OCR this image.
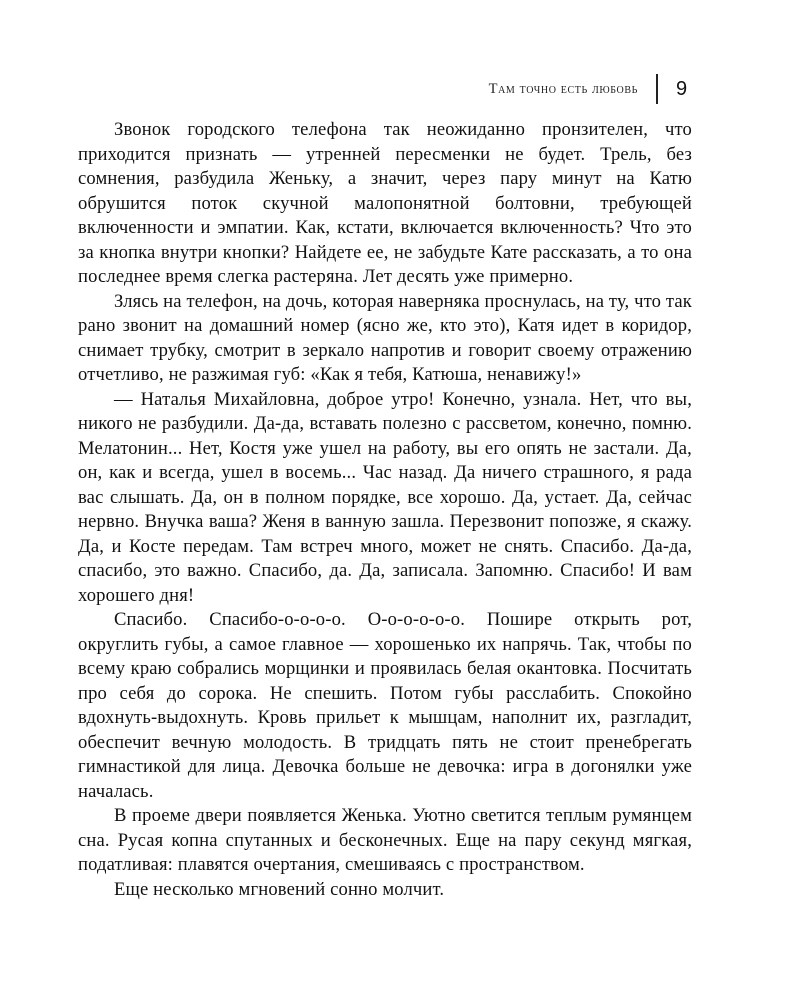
Там точно есть любовь 9

Звонок городского телефона так неожиданно пронзителен, что приходится признать — утренней пересменки не будет. Трель, без сомнения, разбудила Женьку, а значит, через пару минут на Катю обрушится поток скучной малопонятной болтовни, требующей включенности и эмпатии. Как, кстати, включается включенность? Что это за кнопка внутри кнопки? Найдете ее, не забудьте Кате рассказать, а то она последнее время слегка растеряна. Лет десять уже примерно.

Злясь на телефон, на дочь, которая наверняка проснулась, на ту, что так рано звонит на домашний номер (ясно же, кто это), Катя идет в коридор, снимает трубку, смотрит в зеркало напротив и говорит своему отражению отчетливо, не разжимая губ: «Как я тебя, Катюша, ненавижу!»

— Наталья Михайловна, доброе утро! Конечно, узнала. Нет, что вы, никого не разбудили. Да-да, вставать полезно с рассветом, конечно, помню. Мелатонин... Нет, Костя уже ушел на работу, вы его опять не застали. Да, он, как и всегда, ушел в восемь... Час назад. Да ничего страшного, я рада вас слышать. Да, он в полном порядке, все хорошо. Да, устает. Да, сейчас нервно. Внучка ваша? Женя в ванную зашла. Перезвонит попозже, я скажу. Да, и Косте передам. Там встреч много, может не снять. Спасибо. Да-да, спасибо, это важно. Спасибо, да. Да, записала. Запомню. Спасибо! И вам хорошего дня!

Спасибо. Спасибо-о-о-о-о. О-о-о-о-о-о. Пошире открыть рот, округлить губы, а самое главное — хорошенько их напрячь. Так, чтобы по всему краю собрались морщинки и проявилась белая окантовка. Посчитать про себя до сорока. Не спешить. Потом губы расслабить. Спокойно вдохнуть-выдохнуть. Кровь прильет к мышцам, наполнит их, разгладит, обеспечит вечную молодость. В тридцать пять не стоит пренебрегать гимнастикой для лица. Девочка больше не девочка: игра в догонялки уже началась.

В проеме двери появляется Женька. Уютно светится теплым румянцем сна. Русая копна спутанных и бесконечных. Еще на пару секунд мягкая, податливая: плавятся очертания, смешиваясь с пространством.

Еще несколько мгновений сонно молчит.
